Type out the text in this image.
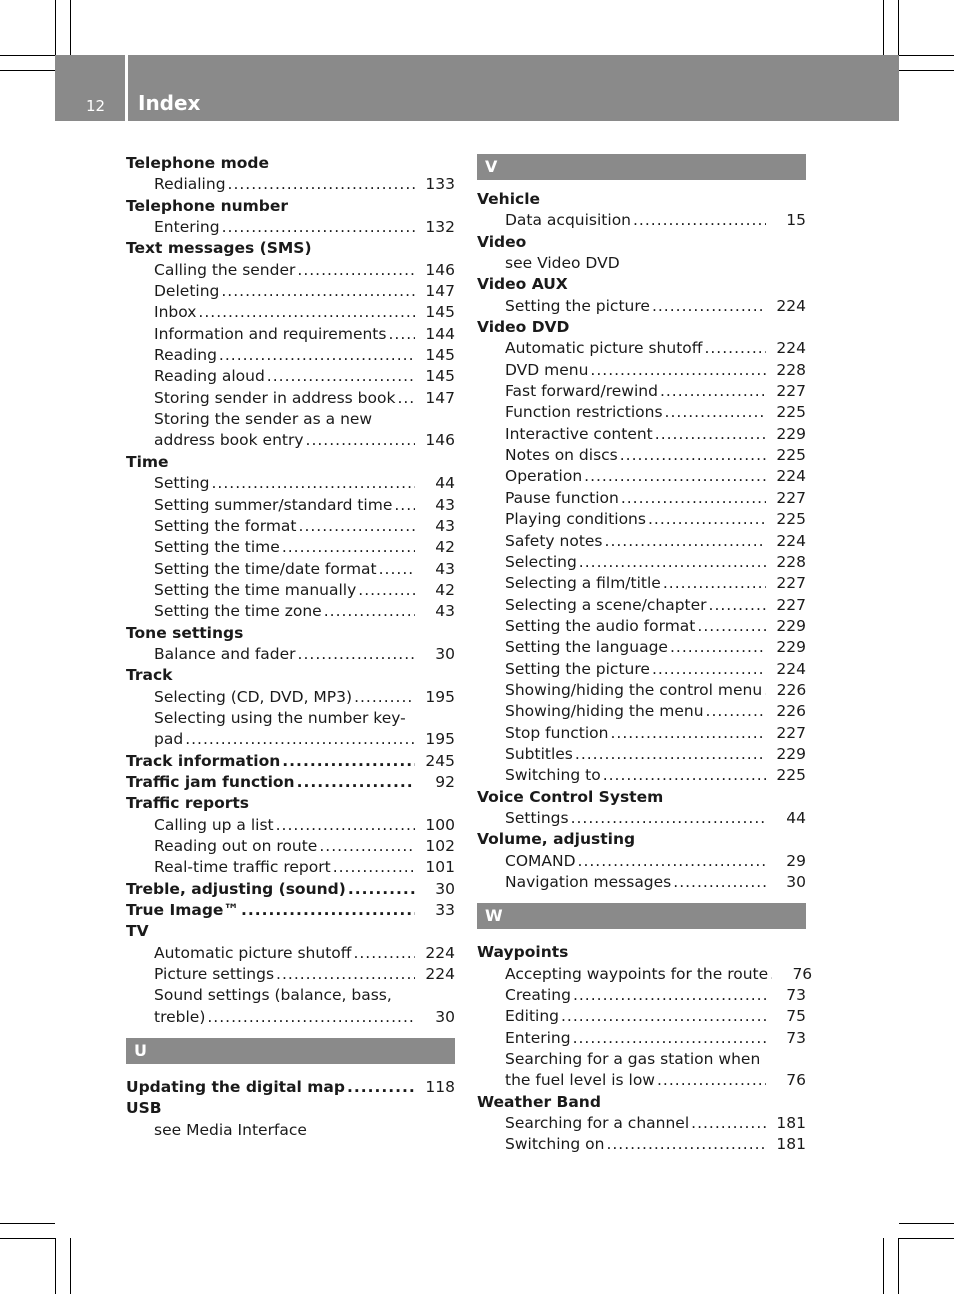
12 Index
Telephone mode
Redialing .....	133
Telephone number
Entering .....	132
Text messages (SMS)
Calling the sender .....	146
Deleting .....	147
Inbox .....	145
Information and requirements .....	144
Reading .....	145
Reading aloud .....	145
Storing sender in address book .....	147
Storing the sender as a new
address book entry .....	146
Time
Setting .....	44
Setting summer/standard time .....	43
Setting the format .....	43
Setting the time .....	42
Setting the time/date format .....	43
Setting the time manually .....	42
Setting the time zone .....	43
Tone settings
Balance and fader .....	30
Track
Selecting (CD, DVD, MP3) .....	195
Selecting using the number key-
pad .....	195
Track information .....	245
Traffic jam function .....	92
Traffic reports
Calling up a list .....	100
Reading out on route .....	102
Real-time traffic report .....	101
Treble, adjusting (sound) .....	30
True Image™ .....	33
TV
Automatic picture shutoff .....	224
Picture settings .....	224
Sound settings (balance, bass,
treble) .....	30
U
Updating the digital map .....	118
USB
see Media Interface
V
Vehicle
Data acquisition .....	15
Video
see Video DVD
Video AUX
Setting the picture .....	224
Video DVD
Automatic picture shutoff .....	224
DVD menu .....	228
Fast forward/rewind .....	227
Function restrictions .....	225
Interactive content .....	229
Notes on discs .....	225
Operation .....	224
Pause function .....	227
Playing conditions .....	225
Safety notes .....	224
Selecting .....	228
Selecting a film/title .....	227
Selecting a scene/chapter .....	227
Setting the audio format .....	229
Setting the language .....	229
Setting the picture .....	224
Showing/hiding the control menu ..... 226
Showing/hiding the menu .....	226
Stop function .....	227
Subtitles .....	229
Switching to .....	225
Voice Control System
Settings .....	44
Volume, adjusting
COMAND .....	29
Navigation messages .....	30
W
Waypoints
Accepting waypoints for the route .....	76
Creating .....	73
Editing .....	75
Entering .....	73
Searching for a gas station when
the fuel level is low .....	76
Weather Band
Searching for a channel .....	181
Switching on .....	181
